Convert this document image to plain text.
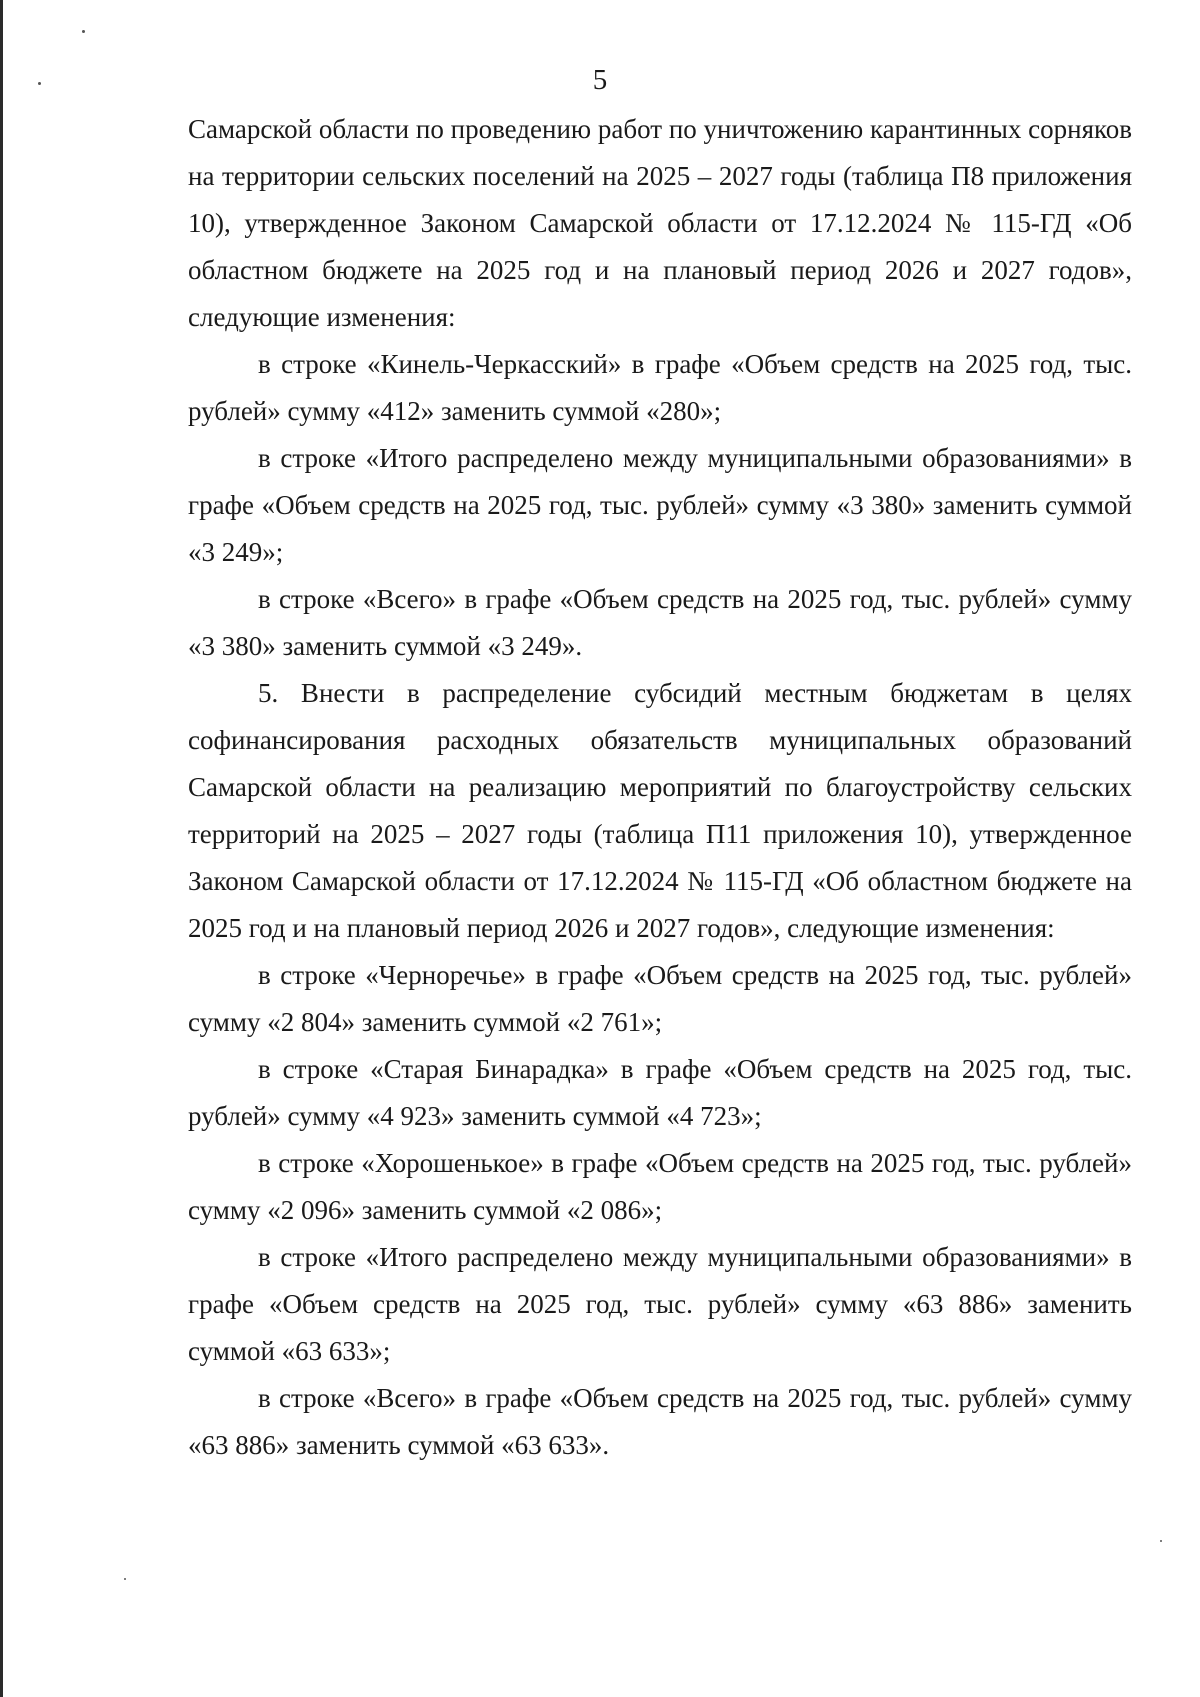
5

Самарской области по проведению работ по уничтожению карантинных сорняков на территории сельских поселений на 2025 – 2027 годы (таблица П8 приложения 10), утвержденное Законом Самарской области от 17.12.2024 № 115-ГД «Об областном бюджете на 2025 год и на плановый период 2026 и 2027 годов», следующие изменения:

в строке «Кинель-Черкасский» в графе «Объем средств на 2025 год, тыс. рублей» сумму «412» заменить суммой «280»;

в строке «Итого распределено между муниципальными образованиями» в графе «Объем средств на 2025 год, тыс. рублей» сумму «3 380» заменить суммой «3 249»;

в строке «Всего» в графе «Объем средств на 2025 год, тыс. рублей» сумму «3 380» заменить суммой «3 249».

5. Внести в распределение субсидий местным бюджетам в целях софинансирования расходных обязательств муниципальных образований Самарской области на реализацию мероприятий по благоустройству сельских территорий на 2025 – 2027 годы (таблица П11 приложения 10), утвержденное Законом Самарской области от 17.12.2024 № 115-ГД «Об областном бюджете на 2025 год и на плановый период 2026 и 2027 годов», следующие изменения:

в строке «Черноречье» в графе «Объем средств на 2025 год, тыс. рублей» сумму «2 804» заменить суммой «2 761»;

в строке «Старая Бинарадка» в графе «Объем средств на 2025 год, тыс. рублей» сумму «4 923» заменить суммой «4 723»;

в строке «Хорошенькое» в графе «Объем средств на 2025 год, тыс. рублей» сумму «2 096» заменить суммой «2 086»;

в строке «Итого распределено между муниципальными образованиями» в графе «Объем средств на 2025 год, тыс. рублей» сумму «63 886» заменить суммой «63 633»;

в строке «Всего» в графе «Объем средств на 2025 год, тыс. рублей» сумму «63 886» заменить суммой «63 633».
